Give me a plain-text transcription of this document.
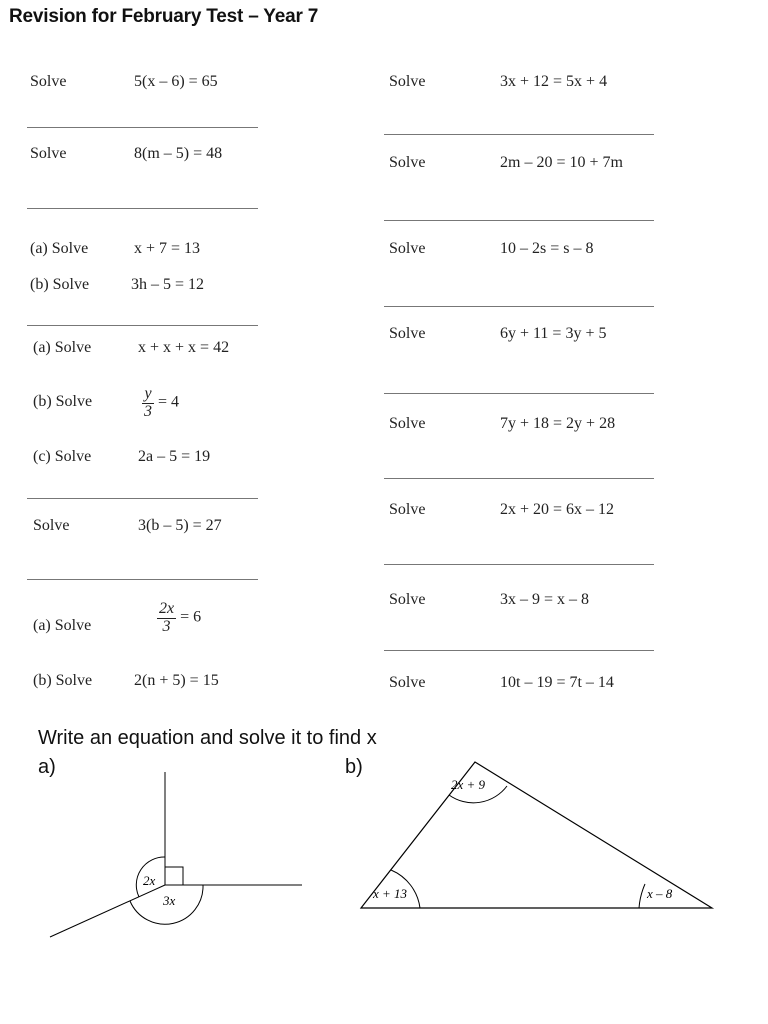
Revision for February Test – Year 7
Solve	5(x – 6) = 65
Solve	8(m – 5) = 48
(a) Solve	x + 7 = 13
(b) Solve	3h – 5 = 12
(a) Solve	x + x + x = 42
(b) Solve	$\frac{y}{3} = 4$
(c) Solve	2a – 5 = 19
Solve	3(b – 5) = 27
(a) Solve	$\frac{2x}{3} = 6$
(b) Solve	2(n + 5) = 15
Solve	3x + 12 = 5x + 4
Solve	2m – 20 = 10 + 7m
Solve	10 – 2s = s – 8
Solve	6y + 11 = 3y + 5
Solve	7y + 18 = 2y + 28
Solve	2x + 20 = 6x – 12
Solve	3x – 9 = x – 8
Solve	10t – 19 = 7t – 14
Write an equation and solve it to find x
a)	b)
2x
3x
2x + 9
x + 13	x – 8
